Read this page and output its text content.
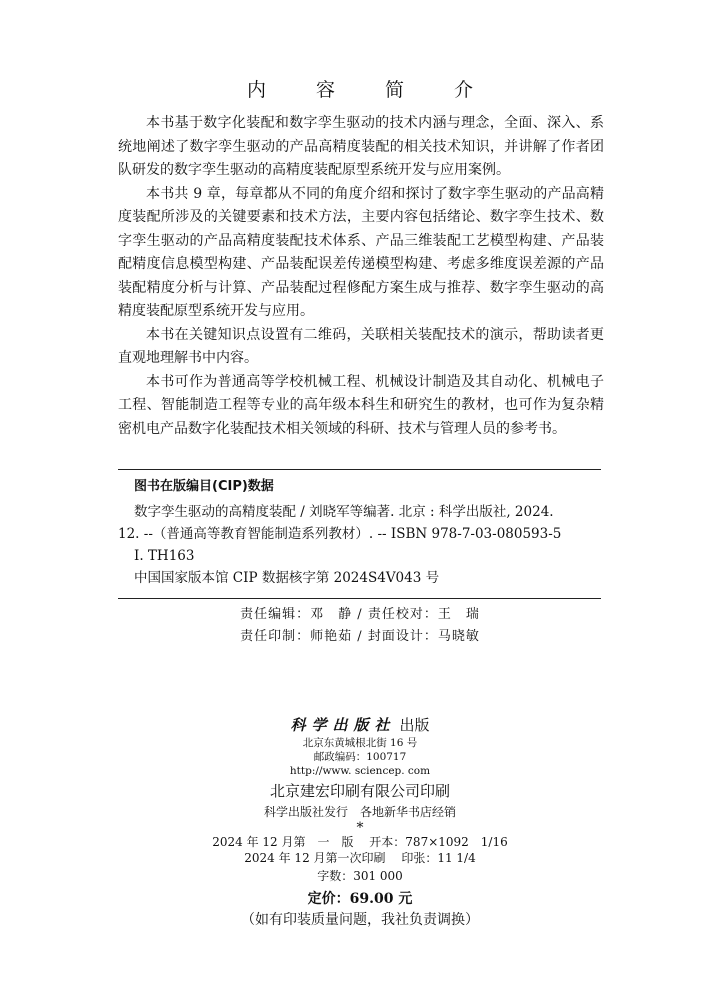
内 容 简 介

本书基于数字化装配和数字孪生驱动的技术内涵与理念，全面、深入、系统地阐述了数字孪生驱动的产品高精度装配的相关技术知识，并讲解了作者团队研发的数字孪生驱动的高精度装配原型系统开发与应用案例。

本书共 9 章，每章都从不同的角度介绍和探讨了数字孪生驱动的产品高精度装配所涉及的关键要素和技术方法，主要内容包括绪论、数字孪生技术、数字孪生驱动的产品高精度装配技术体系、产品三维装配工艺模型构建、产品装配精度信息模型构建、产品装配误差传递模型构建、考虑多维度误差源的产品装配精度分析与计算、产品装配过程修配方案生成与推荐、数字孪生驱动的高精度装配原型系统开发与应用。

本书在关键知识点设置有二维码，关联相关装配技术的演示，帮助读者更直观地理解书中内容。

本书可作为普通高等学校机械工程、机械设计制造及其自动化、机械电子工程、智能制造工程等专业的高年级本科生和研究生的教材，也可作为复杂精密机电产品数字化装配技术相关领域的科研、技术与管理人员的参考书。

图书在版编目(CIP)数据
数字孪生驱动的高精度装配 / 刘晓军等编著. 北京 : 科学出版社, 2024.
12. --（普通高等教育智能制造系列教材）. -- ISBN 978-7-03-080593-5
Ⅰ. TH163
中国国家版本馆 CIP 数据核字第 2024S4V043 号
责任编辑：邓　静 / 责任校对：王　瑞
责任印制：师艳茹 / 封面设计：马晓敏
科学出版社 出版
北京东黄城根北街 16 号
邮政编码：100717
http://www. sciencep. com
北京建宏印刷有限公司印刷
科学出版社发行　各地新华书店经销
*
2024 年 12 月第　一　版　 开本：787×1092　1/16
2024 年 12 月第一次印刷　 印张：11 1/4
字数：301 000
定价：69.00 元
（如有印装质量问题，我社负责调换）
